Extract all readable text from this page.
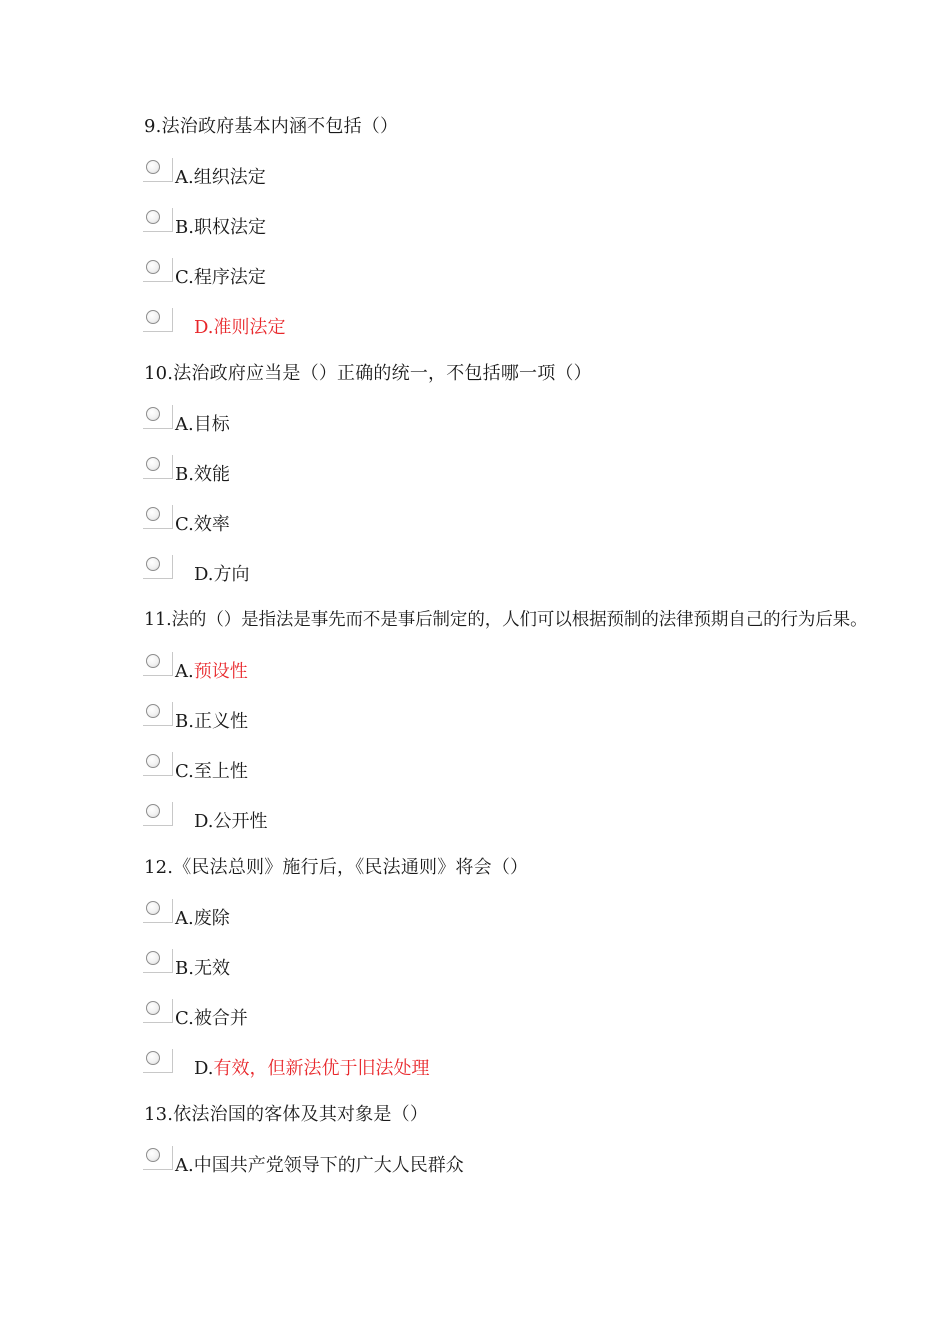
9.法治政府基本内涵不包括（）
A.组织法定
B.职权法定
C.程序法定
D.准则法定
10.法治政府应当是（）正确的统一，不包括哪一项（）
A.目标
B.效能
C.效率
D.方向
11.法的（）是指法是事先而不是事后制定的，人们可以根据预制的法律预期自己的行为后果。
A.预设性
B.正义性
C.至上性
D.公开性
12.《民法总则》施行后，《民法通则》将会（）
A.废除
B.无效
C.被合并
D.有效，但新法优于旧法处理
13.依法治国的客体及其对象是（）
A.中国共产党领导下的广大人民群众
